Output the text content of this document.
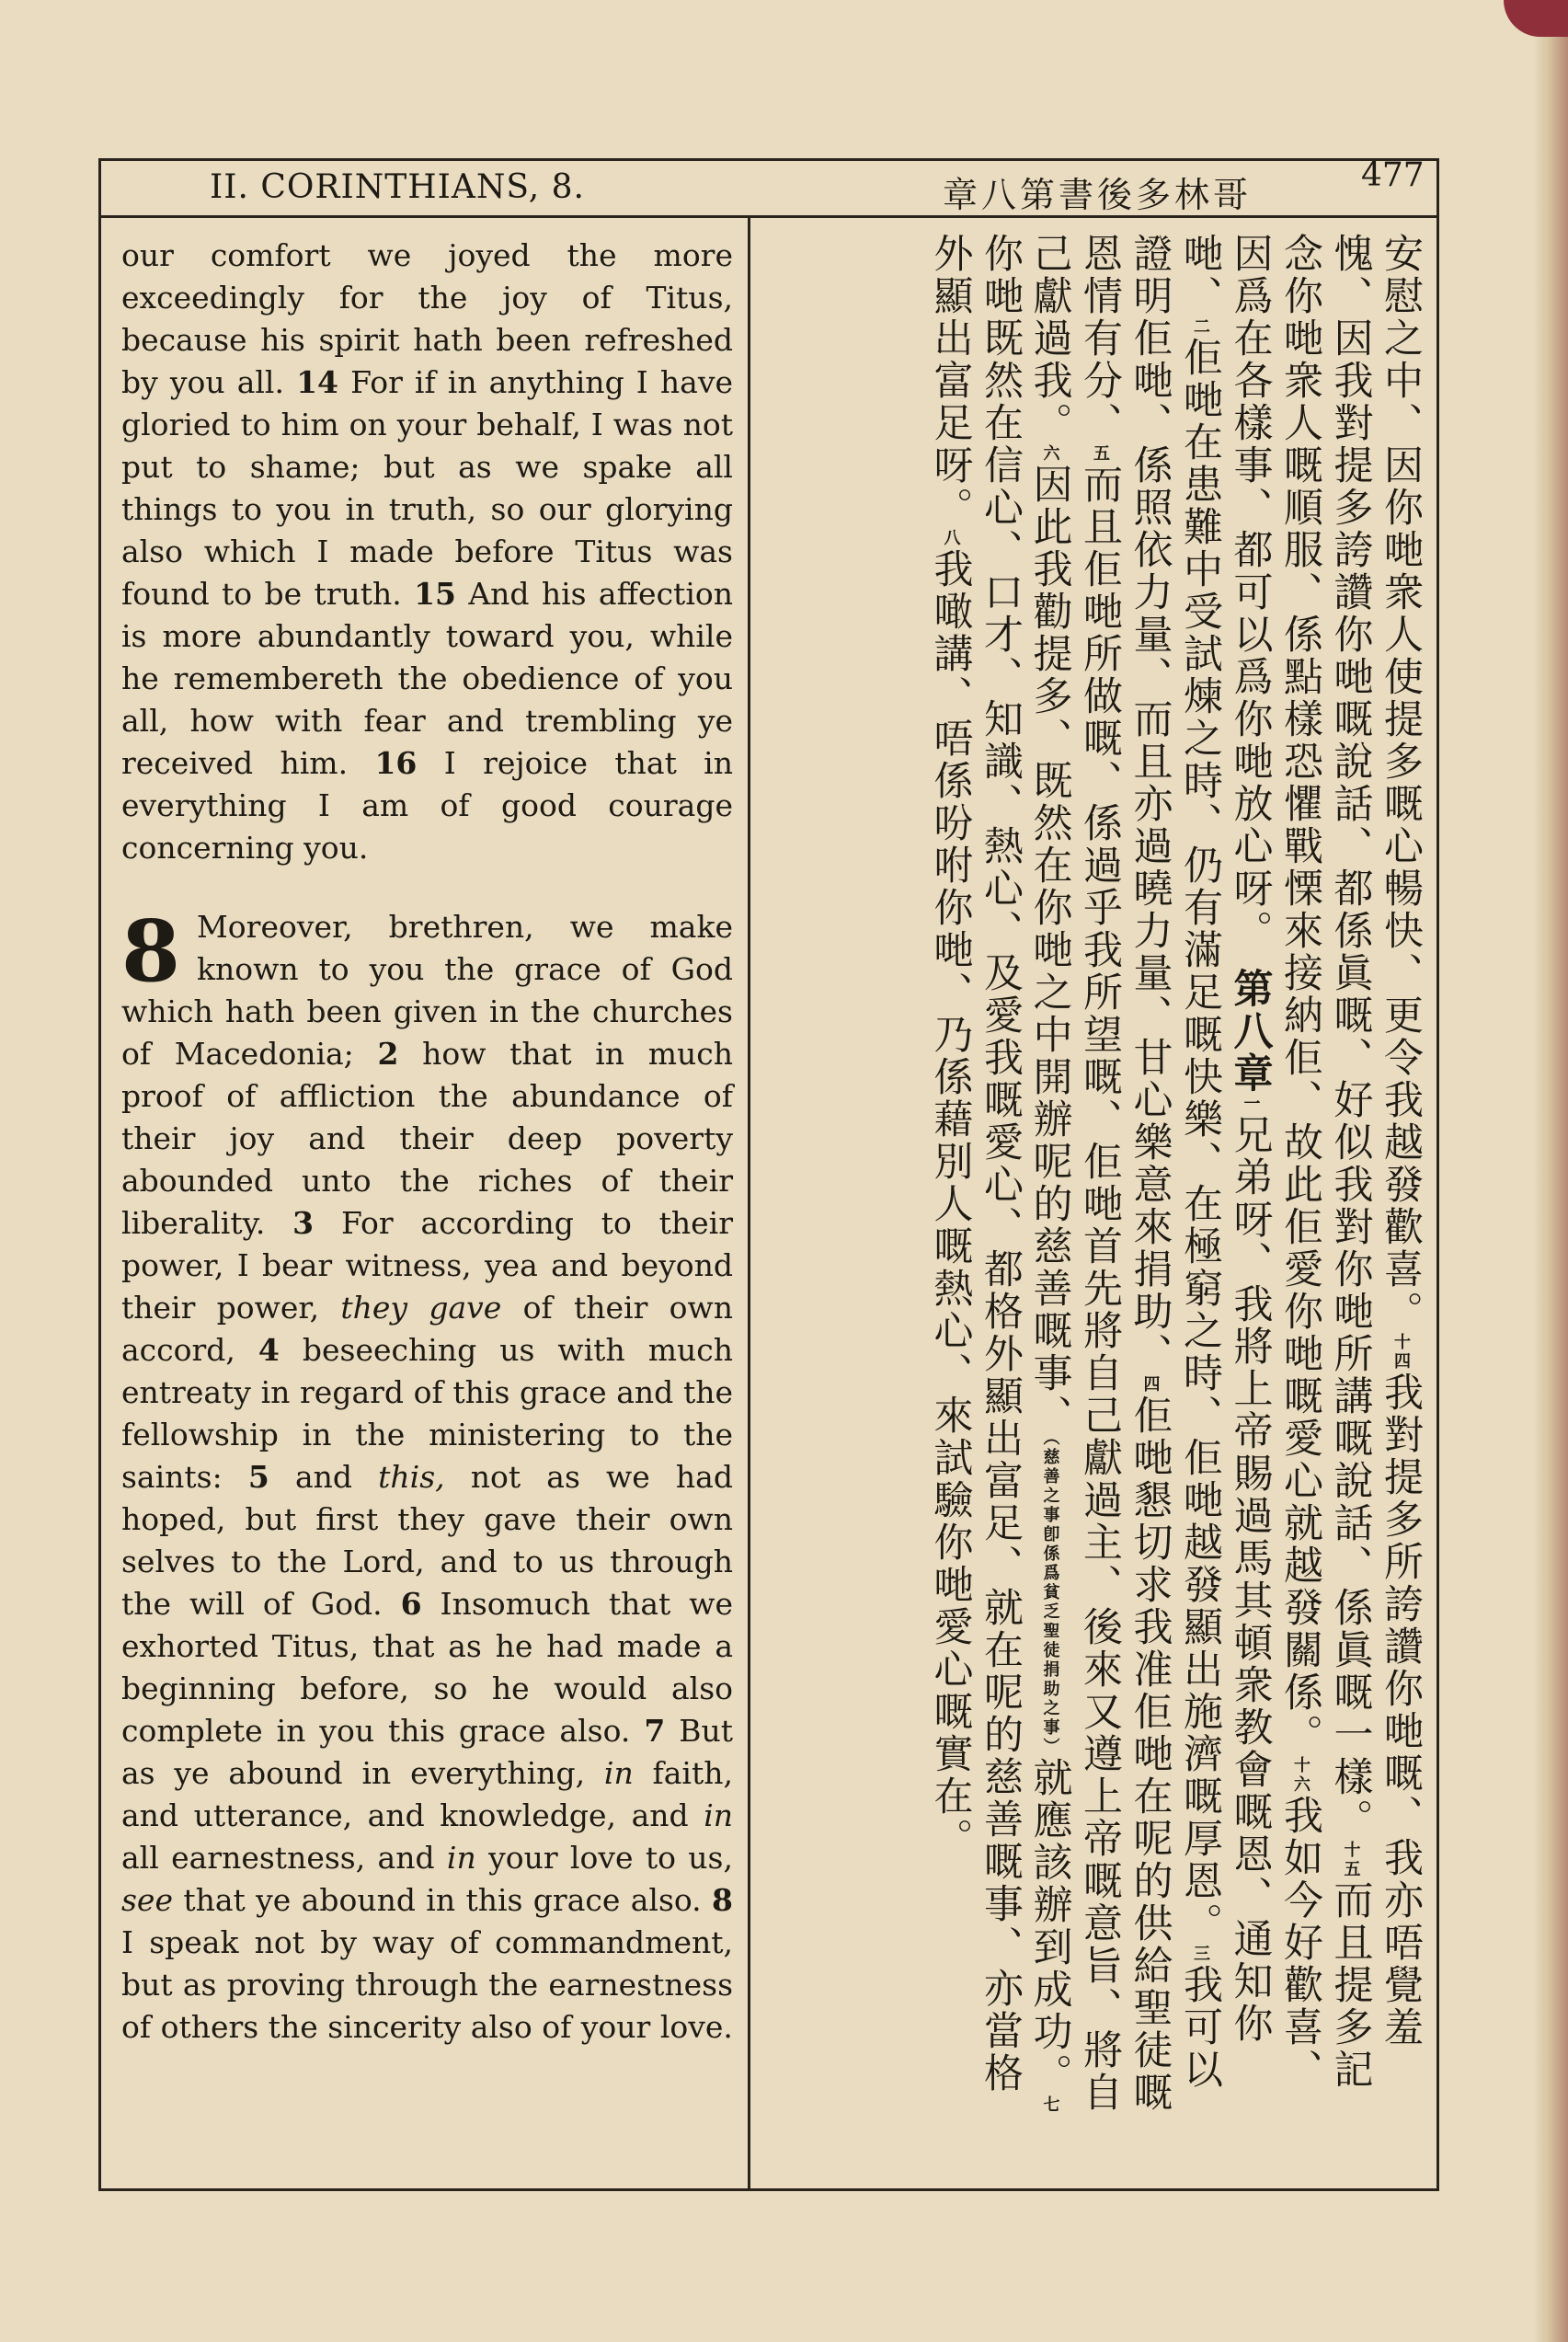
477
II. CORINTHIANS, 8.	章八第書後多林哥

our comfort we joyed the more exceedingly for the joy of Titus, because his spirit hath been refreshed by you all. 14 For if in anything I have gloried to him on your behalf, I was not put to shame; but as we spake all things to you in truth, so our glorying also which I made before Titus was found to be truth. 15 And his affection is more abundantly toward you, while he remembereth the obedience of you all, how with fear and trembling ye received him. 16 I rejoice that in everything I am of good courage concerning you.

8 Moreover, brethren, we make known to you the grace of God which hath been given in the churches of Macedonia; 2 how that in much proof of affliction the abundance of their joy and their deep poverty abounded unto the riches of their liberality. 3 For according to their power, I bear witness, yea and beyond their power, they gave of their own accord, 4 beseeching us with much entreaty in regard of this grace and the fellowship in the ministering to the saints: 5 and this, not as we had hoped, but first they gave their own selves to the Lord, and to us through the will of God. 6 Insomuch that we exhorted Titus, that as he had made a beginning before, so he would also complete in you this grace also. 7 But as ye abound in everything, in faith, and utterance, and knowledge, and in all earnestness, and in your love to us, see that ye abound in this grace also. 8 I speak not by way of commandment, but as proving through the earnestness of others the sincerity also of your love.

安慰之中、因你哋衆人使提多嘅心暢快、更令我越發歡喜。十四我對提多所誇讚你哋嘅、我亦唔覺羞愧、因我對提多誇讚你哋嘅說話、都係眞嘅、好似我對你哋所講嘅說話、係眞嘅一樣。十五而且提多記念你哋衆人嘅順服、係點樣恐懼戰慄來接納佢、故此佢愛你哋嘅愛心就越發關係。十六我如今好歡喜、因爲在各樣事、都可以爲你哋放心呀。

第八章一兄弟呀、我將上帝賜過馬其頓衆教會嘅恩、通知你哋、二佢哋在患難中受試煉之時、仍有滿足嘅快樂、在極窮之時、佢哋越發顯出施濟嘅厚恩。三我可以證明佢哋、係照依力量、而且亦過曉力量、甘心樂意來捐助、四佢哋懇切求我准佢哋在呢的供給聖徒嘅恩情有分、五而且佢哋所做嘅、係過乎我所望嘅、佢哋首先將自己獻過主、後來又遵上帝嘅意旨、將自己獻過我。六因此我勸提多、既然在你哋之中開辦呢的慈善嘅事、（慈善之事卽係爲貧乏聖徒捐助之事）就應該辦到成功。七你哋既然在信心、口才、知識、熱心、及愛我嘅愛心、都格外顯出富足、就在呢的慈善嘅事、亦當格外顯出富足呀。八我噉講、唔係吩咐你哋、乃係藉別人嘅熱心、來試驗你哋愛心嘅實在。
